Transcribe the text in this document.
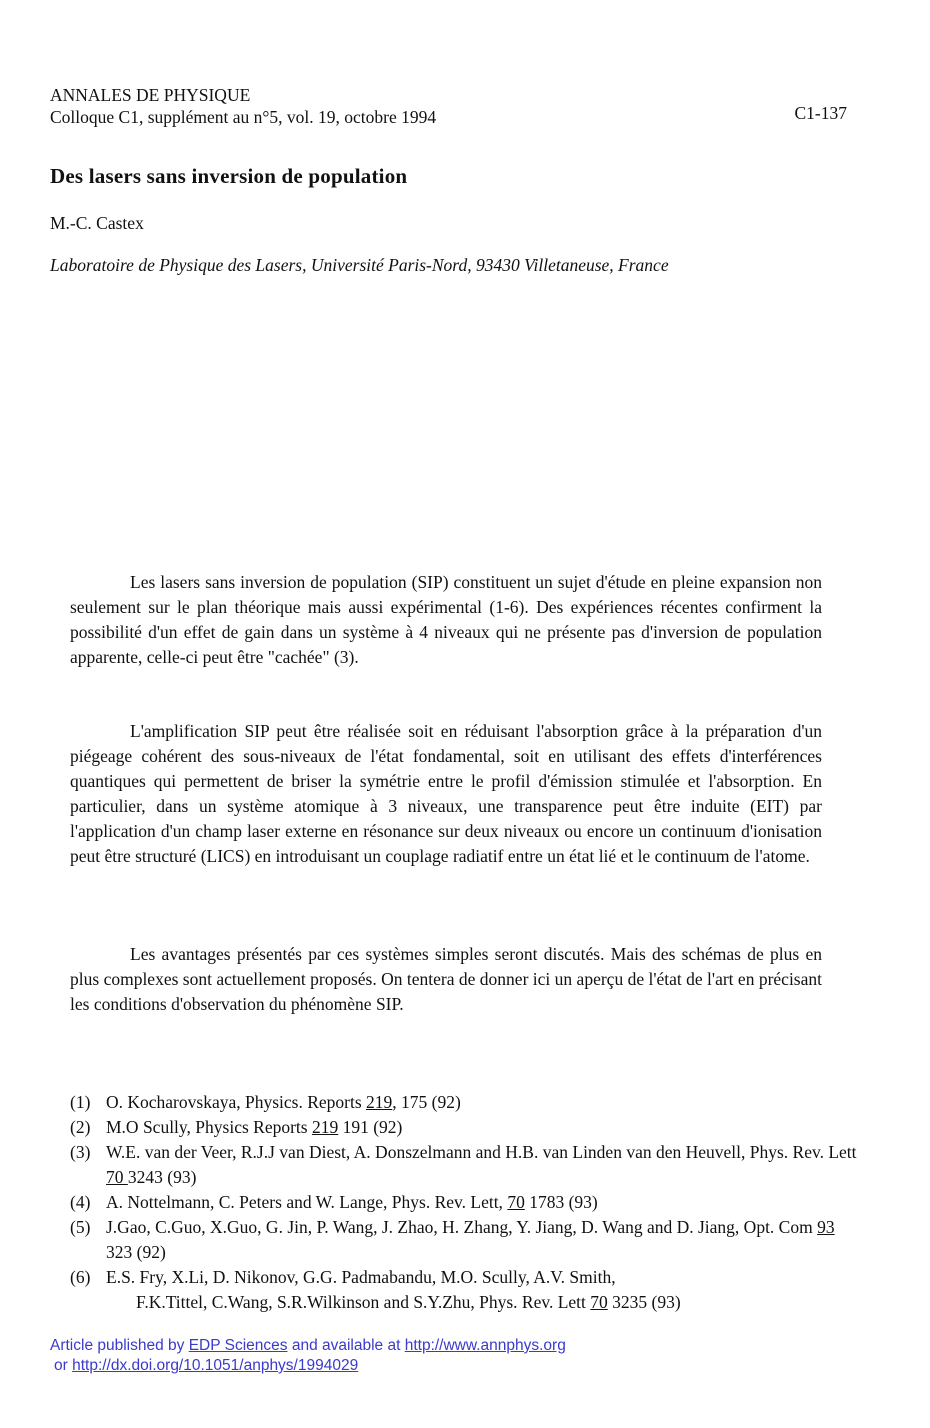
ANNALES DE PHYSIQUE
Colloque C1, supplément au n°5, vol. 19, octobre 1994	C1-137
Des lasers sans inversion de population
M.-C. Castex
Laboratoire de Physique des Lasers, Université Paris-Nord, 93430 Villetaneuse, France

Les lasers sans inversion de population (SIP) constituent un sujet d'étude en pleine expansion non seulement sur le plan théorique mais aussi expérimental (1-6). Des expériences récentes confirment la possibilité d'un effet de gain dans un système à 4 niveaux qui ne présente pas d'inversion de population apparente, celle-ci peut être "cachée" (3).

L'amplification SIP peut être réalisée soit en réduisant l'absorption grâce à la préparation d'un piégeage cohérent des sous-niveaux de l'état fondamental, soit en utilisant des effets d'interférences quantiques qui permettent de briser la symétrie entre le profil d'émission stimulée et l'absorption. En particulier, dans un système atomique à 3 niveaux, une transparence peut être induite (EIT) par l'application d'un champ laser externe en résonance sur deux niveaux ou encore un continuum d'ionisation peut être structuré (LICS) en introduisant un couplage radiatif entre un état lié et le continuum de l'atome.

Les avantages présentés par ces systèmes simples seront discutés. Mais des schémas de plus en plus complexes sont actuellement proposés. On tentera de donner ici un aperçu de l'état de l'art en précisant les conditions d'observation du phénomène SIP.

(1) O. Kocharovskaya, Physics. Reports 219, 175 (92)
(2) M.O Scully, Physics Reports 219 191 (92)
(3) W.E. van der Veer, R.J.J van Diest, A. Donszelmann and H.B. van Linden van den Heuvell, Phys. Rev. Lett 70 3243 (93)
(4) A. Nottelmann, C. Peters and W. Lange, Phys. Rev. Lett, 70 1783 (93)
(5) J.Gao, C.Guo, X.Guo, G. Jin, P. Wang, J. Zhao, H. Zhang, Y. Jiang, D. Wang and D. Jiang, Opt. Com 93 323 (92)
(6) E.S. Fry, X.Li, D. Nikonov, G.G. Padmabandu, M.O. Scully, A.V. Smith,
F.K.Tittel, C.Wang, S.R.Wilkinson and S.Y.Zhu, Phys. Rev. Lett 70 3235 (93)
Article published by EDP Sciences and available at http://www.annphys.org
or http://dx.doi.org/10.1051/anphys/1994029
